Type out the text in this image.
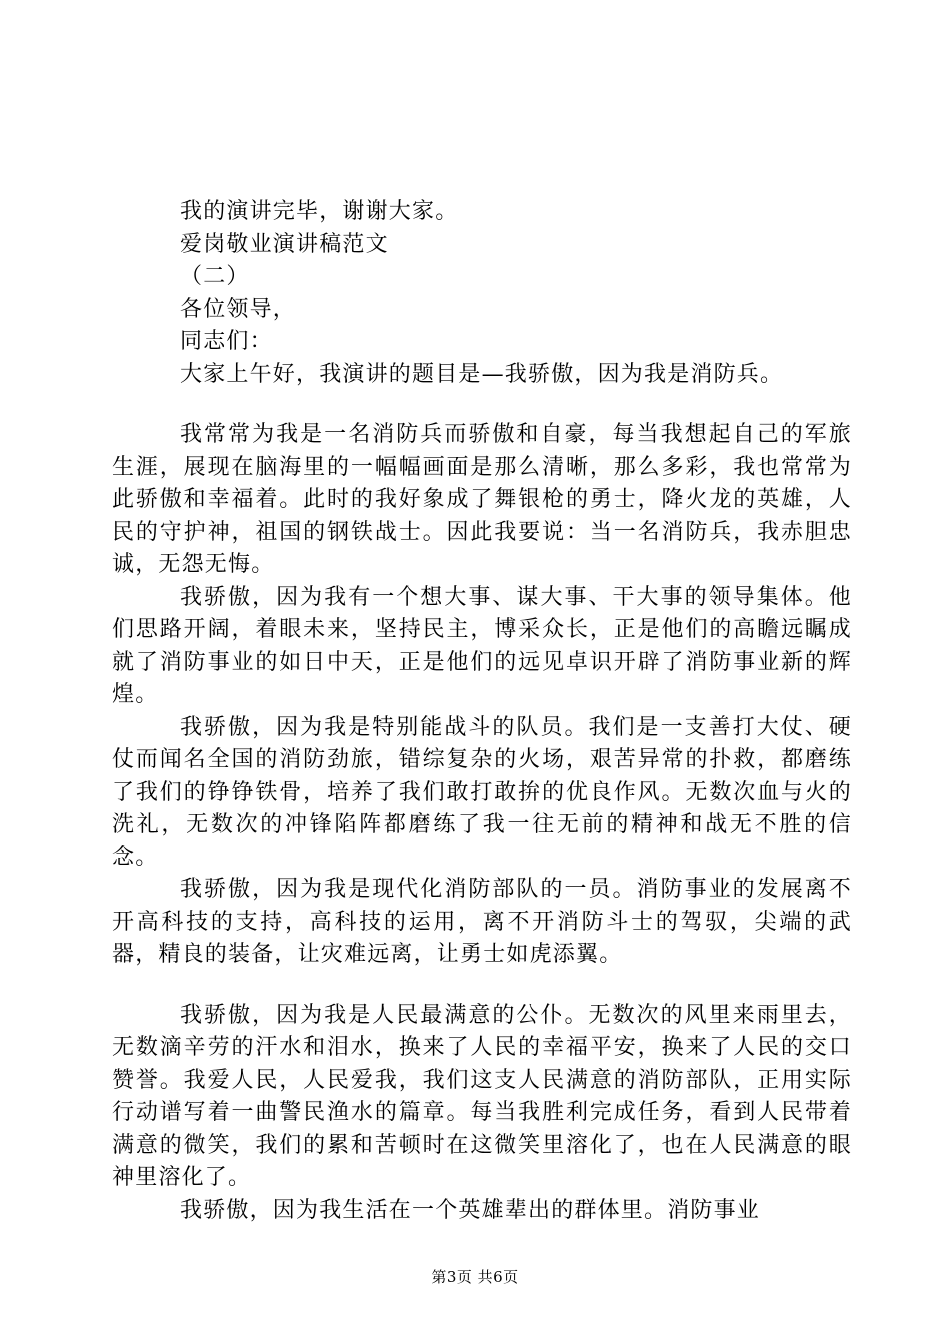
我的演讲完毕，谢谢大家。
爱岗敬业演讲稿范文
（二）
各位领导，
同志们：
大家上午好，我演讲的题目是—我骄傲，因为我是消防兵。

我常常为我是一名消防兵而骄傲和自豪，每当我想起自己的军旅生涯，展现在脑海里的一幅幅画面是那么清晰，那么多彩，我也常常为此骄傲和幸福着。此时的我好象成了舞银枪的勇士，降火龙的英雄，人民的守护神，祖国的钢铁战士。因此我要说：当一名消防兵，我赤胆忠诚，无怨无悔。

我骄傲，因为我有一个想大事、谋大事、干大事的领导集体。他们思路开阔，着眼未来，坚持民主，博采众长，正是他们的高瞻远瞩成就了消防事业的如日中天，正是他们的远见卓识开辟了消防事业新的辉煌。

我骄傲，因为我是特别能战斗的队员。我们是一支善打大仗、硬仗而闻名全国的消防劲旅，错综复杂的火场，艰苦异常的扑救，都磨练了我们的铮铮铁骨，培养了我们敢打敢拚的优良作风。无数次血与火的洗礼，无数次的冲锋陷阵都磨练了我一往无前的精神和战无不胜的信念。

我骄傲，因为我是现代化消防部队的一员。消防事业的发展离不开高科技的支持，高科技的运用，离不开消防斗士的驾驭，尖端的武器，精良的装备，让灾难远离，让勇士如虎添翼。

我骄傲，因为我是人民最满意的公仆。无数次的风里来雨里去，无数滴辛劳的汗水和泪水，换来了人民的幸福平安，换来了人民的交口赞誉。我爱人民，人民爱我，我们这支人民满意的消防部队，正用实际行动谱写着一曲警民渔水的篇章。每当我胜利完成任务，看到人民带着满意的微笑，我们的累和苦顿时在这微笑里溶化了，也在人民满意的眼神里溶化了。

我骄傲，因为我生活在一个英雄辈出的群体里。消防事业

第3页 共6页
